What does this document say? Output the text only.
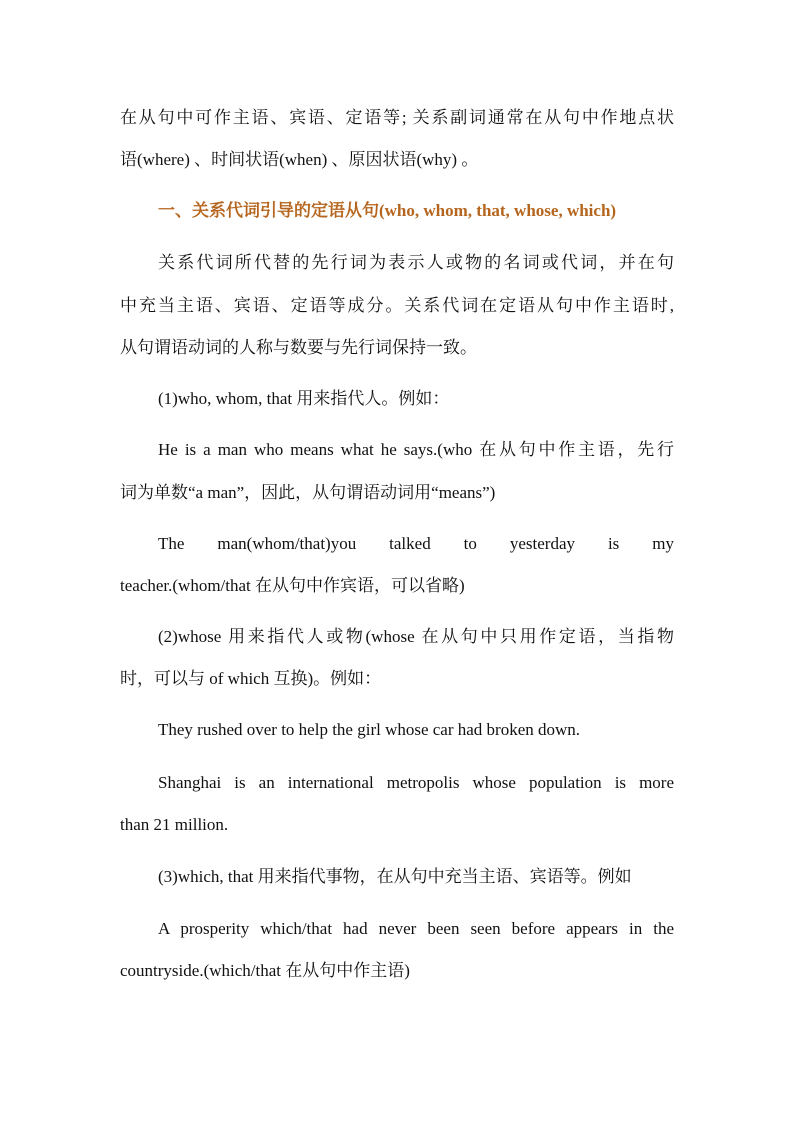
在从句中可作主语、宾语、定语等; 关系副词通常在从句中作地点状
语(where) 、时间状语(when) 、原因状语(why) 。
一、关系代词引导的定语从句(who, whom, that, whose, which)
关系代词所代替的先行词为表示人或物的名词或代词，并在句
中充当主语、宾语、定语等成分。关系代词在定语从句中作主语时,
从句谓语动词的人称与数要与先行词保持一致。
(1)who, whom, that 用来指代人。例如：
He is a man who means what he says.(who 在从句中作主语，先行
词为单数“a man”，因此，从句谓语动词用“means”)
The man(whom/that)you talked to yesterday is my
teacher.(whom/that 在从句中作宾语，可以省略)
(2)whose 用来指代人或物(whose 在从句中只用作定语，当指物
时，可以与 of which 互换)。例如：
They rushed over to help the girl whose car had broken down.
Shanghai is an international metropolis whose population is more
than 21 million.
(3)which, that 用来指代事物，在从句中充当主语、宾语等。例如
A prosperity which/that had never been seen before appears in the
countryside.(which/that 在从句中作主语)
